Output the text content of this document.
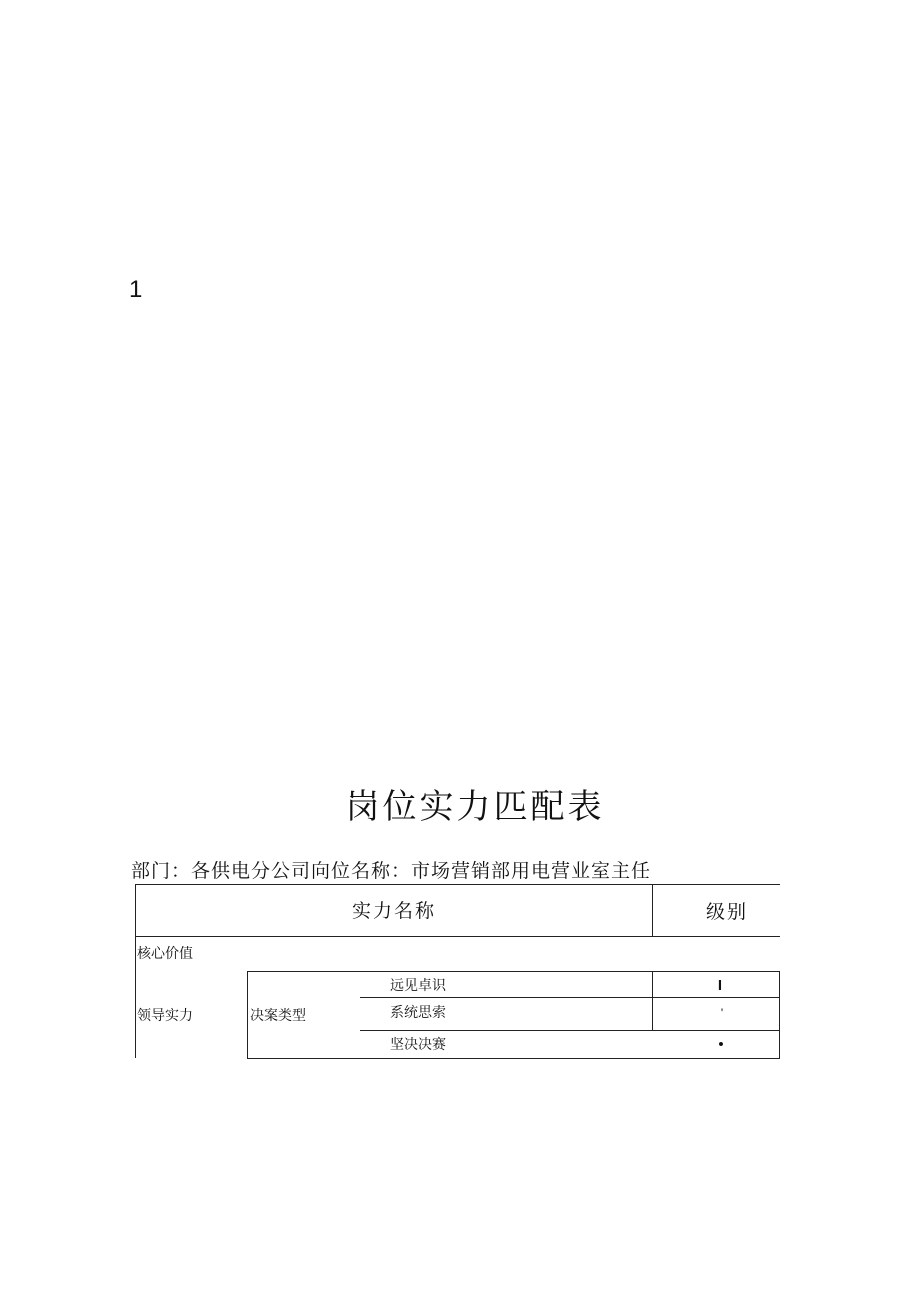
1
岗位实力匹配表
部门：各供电分公司向位名称：市场营销部用电营业室主任
实力名称	级别
核心价值
领导实力	决案类型
远见卓识
系统思索
坚决决赛
I
'
•
